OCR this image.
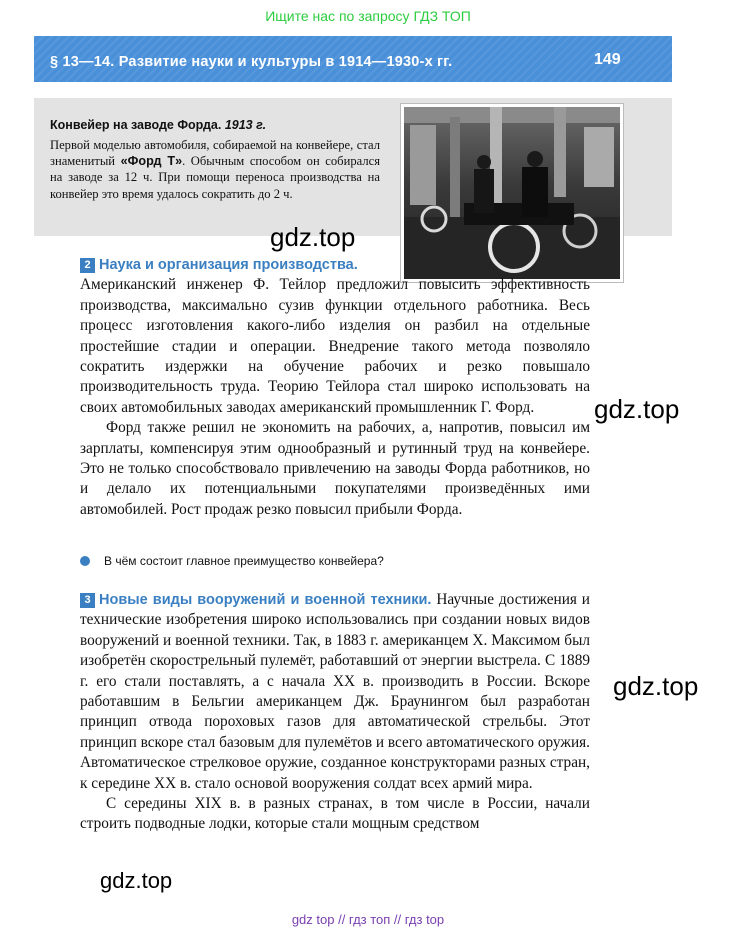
Ищите нас по запросу ГДЗ ТОП
§ 13—14. Развитие науки и культуры в 1914—1930-х гг.	149
Конвейер на заводе Форда. 1913 г.
Первой моделью автомобиля, собираемой на конвейере, стал знаменитый «Форд Т». Обычным способом он собирался на заводе за 12 ч. При помощи переноса производства на конвейер это время удалось сократить до 2 ч.

2 Наука и организация производства.
Американский инженер Ф. Тейлор предложил повысить эффективность производства, максимально сузив функции отдельного работника. Весь процесс изготовления какого-либо изделия он разбил на отдельные простейшие стадии и операции. Внедрение такого метода позволяло сократить издержки на обучение рабочих и резко повышало производительность труда. Теорию Тейлора стал широко использовать на своих автомобильных заводах американский промышленник Г. Форд.

Форд также решил не экономить на рабочих, а, напротив, повысил им зарплаты, компенсируя этим однообразный и рутинный труд на конвейере. Это не только способствовало привлечению на заводы Форда работников, но и делало их потенциальными покупателями произведённых ими автомобилей. Рост продаж резко повысил прибыли Форда.

В чём состоит главное преимущество конвейера?

3 Новые виды вооружений и военной техники. Научные достижения и технические изобретения широко использовались при создании новых видов вооружений и военной техники. Так, в 1883 г. американцем Х. Максимом был изобретён скорострельный пулемёт, работавший от энергии выстрела. С 1889 г. его стали поставлять, а с начала XX в. производить в России. Вскоре работавшим в Бельгии американцем Дж. Браунингом был разработан принцип отвода пороховых газов для автоматической стрельбы. Этот принцип вскоре стал базовым для пулемётов и всего автоматического оружия. Автоматическое стрелковое оружие, созданное конструкторами разных стран, к середине XX в. стало основой вооружения солдат всех армий мира.

С середины XIX в. в разных странах, в том числе в России, начали строить подводные лодки, которые стали мощным средством

gdz.top
gdz.top
gdz.top
gdz.top
gdz top // гдз топ // гдз top
